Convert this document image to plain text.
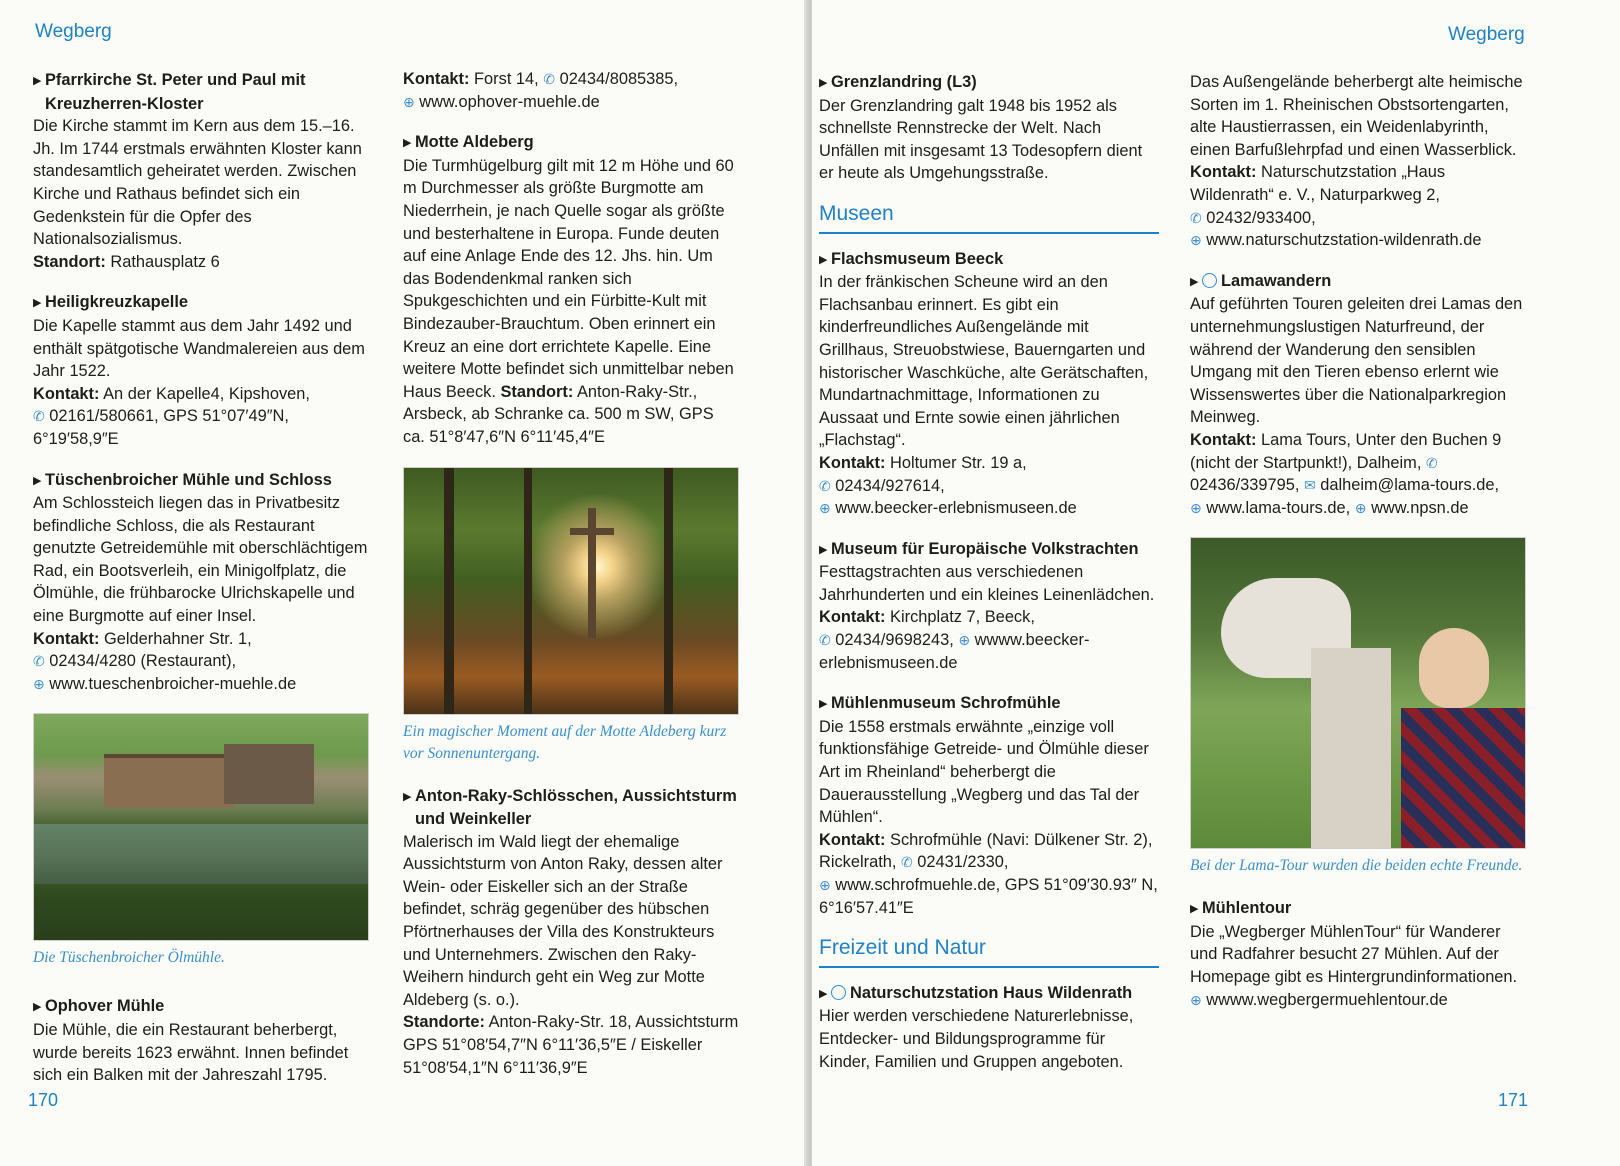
Wegberg
▶ Pfarrkirche St. Peter und Paul mit
Kreuzherren-Kloster
Die Kirche stammt im Kern aus dem 15.–16. Jh. Im 1744 erstmals erwähnten Kloster kann standesamtlich geheiratet werden. Zwischen Kirche und Rathaus befindet sich ein Gedenkstein für die Opfer des Nationalsozialismus.
Standort: Rathausplatz 6
▶ Heiligkreuzkapelle
Die Kapelle stammt aus dem Jahr 1492 und enthält spätgotische Wandmalereien aus dem Jahr 1522.
Kontakt: An der Kapelle4, Kipshoven,
✆ 02161/580661, GPS 51°07′49″N, 6°19′58,9″E
▶ Tüschenbroicher Mühle und Schloss
Am Schlossteich liegen das in Privatbesitz befindliche Schloss, die als Restaurant genutzte Getreidemühle mit oberschlächtigem Rad, ein Bootsverleih, ein Minigolfplatz, die Ölmühle, die frühbarocke Ulrichskapelle und eine Burgmotte auf einer Insel.
Kontakt: Gelderhahner Str. 1,
✆ 02434/4280 (Restaurant),
⊕ www.tueschenbroicher-muehle.de
Die Tüschenbroicher Ölmühle.
▶ Ophover Mühle
Die Mühle, die ein Restaurant beherbergt, wurde bereits 1623 erwähnt. Innen befindet sich ein Balken mit der Jahreszahl 1795.
Kontakt: Forst 14, ✆ 02434/8085385,
⊕ www.ophover-muehle.de
▶ Motte Aldeberg
Die Turmhügelburg gilt mit 12 m Höhe und 60 m Durchmesser als größte Burgmotte am Niederrhein, je nach Quelle sogar als größte und besterhaltene in Europa. Funde deuten auf eine Anlage Ende des 12. Jhs. hin. Um das Bodendenkmal ranken sich Spukgeschichten und ein Fürbitte-Kult mit Bindezauber-Brauchtum. Oben erinnert ein Kreuz an eine dort errichtete Kapelle. Eine weitere Motte befindet sich unmittelbar neben Haus Beeck. Standort: Anton-Raky-Str., Arsbeck, ab Schranke ca. 500 m SW, GPS ca. 51°8′47,6″N 6°11′45,4″E
Ein magischer Moment auf der Motte Aldeberg kurz vor Sonnenuntergang.
▶ Anton-Raky-Schlösschen, Aussichtsturm
und Weinkeller
Malerisch im Wald liegt der ehemalige Aussichtsturm von Anton Raky, dessen alter Wein- oder Eiskeller sich an der Straße befindet, schräg gegenüber des hübschen Pförtnerhauses der Villa des Konstrukteurs und Unternehmers. Zwischen den Raky-Weihern hindurch geht ein Weg zur Motte Aldeberg (s. o.).
Standorte: Anton-Raky-Str. 18, Aussichtsturm GPS 51°08′54,7″N 6°11′36,5″E / Eiskeller 51°08′54,1″N 6°11′36,9″E
170
Wegberg
▶ Grenzlandring (L3)
Der Grenzlandring galt 1948 bis 1952 als schnellste Rennstrecke der Welt. Nach Unfällen mit insgesamt 13 Todesopfern dient er heute als Umgehungsstraße.
Museen
▶ Flachsmuseum Beeck
In der fränkischen Scheune wird an den Flachsanbau erinnert. Es gibt ein kinderfreundliches Außengelände mit Grillhaus, Streuobstwiese, Bauerngarten und historischer Waschküche, alte Gerätschaften, Mundartnachmittage, Informationen zu Aussaat und Ernte sowie einen jährlichen „Flachstag“.
Kontakt: Holtumer Str. 19 a,
✆ 02434/927614,
⊕ www.beecker-erlebnismuseen.de
▶ Museum für Europäische Volkstrachten
Festtagstrachten aus verschiedenen Jahrhunderten und ein kleines Leinenlädchen.
Kontakt: Kirchplatz 7, Beeck,
✆ 02434/9698243, ⊕ wwww.beecker-erlebnismuseen.de
▶ Mühlenmuseum Schrofmühle
Die 1558 erstmals erwähnte „einzige voll funktionsfähige Getreide- und Ölmühle dieser Art im Rheinland“ beherbergt die Dauerausstellung „Wegberg und das Tal der Mühlen“.
Kontakt: Schrofmühle (Navi: Dülkener Str. 2), Rickelrath, ✆ 02431/2330,
⊕ www.schrofmuehle.de, GPS 51°09′30.93″ N, 6°16′57.41″E
Freizeit und Natur
▶ Naturschutzstation Haus Wildenrath
Hier werden verschiedene Naturerlebnisse, Entdecker- und Bildungsprogramme für Kinder, Familien und Gruppen angeboten.
Das Außengelände beherbergt alte heimische Sorten im 1. Rheinischen Obstsortengarten, alte Haustierrassen, ein Weidenlabyrinth, einen Barfußlehrpfad und einen Wasserblick.
Kontakt: Naturschutzstation „Haus Wildenrath“ e. V., Naturparkweg 2,
✆ 02432/933400,
⊕ www.naturschutzstation-wildenrath.de
▶ Lamawandern
Auf geführten Touren geleiten drei Lamas den unternehmungslustigen Naturfreund, der während der Wanderung den sensiblen Umgang mit den Tieren ebenso erlernt wie Wissenswertes über die Nationalparkregion Meinweg.
Kontakt: Lama Tours, Unter den Buchen 9 (nicht der Startpunkt!), Dalheim, ✆ 02436/339795, ✉ dalheim@lama-tours.de,
⊕ www.lama-tours.de, ⊕ www.npsn.de
Bei der Lama-Tour wurden die beiden echte Freunde.
▶ Mühlentour
Die „Wegberger MühlenTour“ für Wanderer und Radfahrer besucht 27 Mühlen. Auf der Homepage gibt es Hintergrundinformationen.
⊕ wwww.wegbergermuehlentour.de
171
